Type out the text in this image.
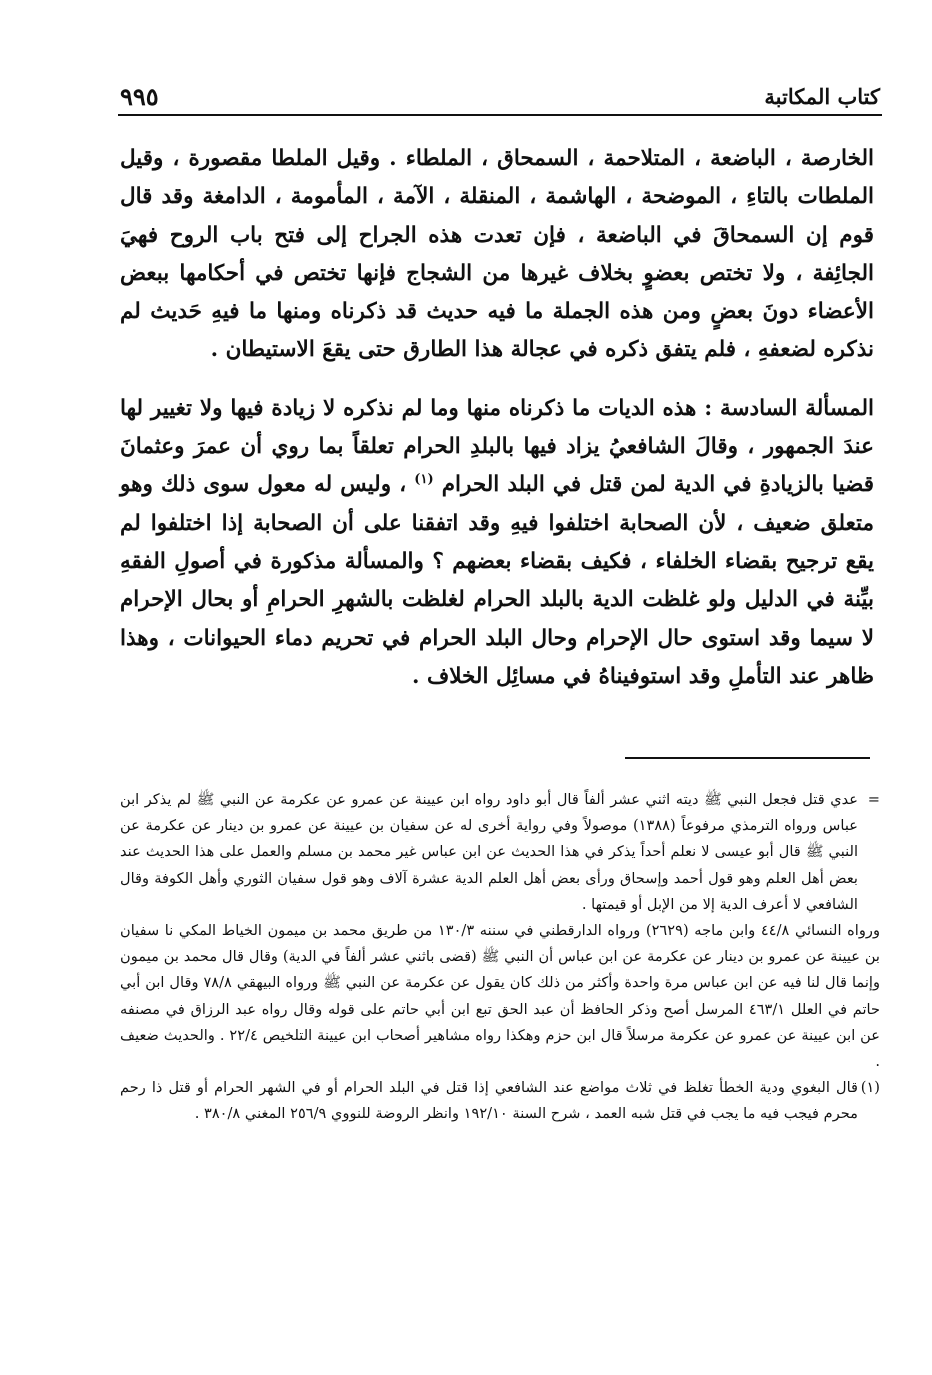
كتاب المكاتبة
٩٩٥

الخارصة ، الباضعة ، المتلاحمة ، السمحاق ، الملطاء . وقيل الملطا مقصورة ، وقيل الملطات بالتاءِ ، الموضحة ، الهاشمة ، المنقلة ، الآمة ، المأمومة ، الدامغة وقد قال قوم إن السمحاقَ في الباضعة ، فإن تعدت هذه الجراح إلى فتح باب الروح فهيَ الجائِفة ، ولا تختص بعضوٍ بخلاف غيرها من الشجاج فإنها تختص في أحكامها ببعض الأعضاء دونَ بعضٍ ومن هذه الجملة ما فيه حديث قد ذكرناه ومنها ما فيهِ حَديث لم نذكره لضعفهِ ، فلم يتفق ذكره في عجالة هذا الطارق حتى يقعَ الاستيطان .

المسألة السادسة : هذه الديات ما ذكرناه منها وما لم نذكره لا زيادة فيها ولا تغيير لها عندَ الجمهور ، وقالَ الشافعيُ يزاد فيها بالبلدِ الحرام تعلقاً بما روي أن عمرَ وعثمانَ قضيا بالزيادةِ في الدية لمن قتل في البلد الحرام $^{(١)}$ ، وليس له معول سوى ذلك وهو متعلق ضعيف ، لأن الصحابة اختلفوا فيهِ وقد اتفقنا على أن الصحابة إذا اختلفوا لم يقع ترجيح بقضاء الخلفاء ، فكيف بقضاء بعضهم ؟ والمسألة مذكورة في أصولِ الفقهِ بيِّنة في الدليل ولو غلظت الدية بالبلد الحرام لغلظت بالشهرِ الحرامِ أو بحال الإحرام لا سيما وقد استوى حال الإحرام وحال البلد الحرام في تحريم دماء الحيوانات ، وهذا ظاهر عند التأملِ وقد استوفيناهُ في مسائِل الخلاف .

=
عدي قتل فجعل النبي ﷺ ديته اثني عشر ألفاً قال أبو داود رواه ابن عيينة عن عمرو عن عكرمة عن النبي ﷺ لم يذكر ابن عباس ورواه الترمذي مرفوعاً (١٣٨٨) موصولاً وفي رواية أخرى له عن سفيان بن عيينة عن عمرو بن دينار عن عكرمة عن النبي ﷺ قال أبو عيسى لا نعلم أحداً يذكر في هذا الحديث عن ابن عباس غير محمد بن مسلم والعمل على هذا الحديث عند بعض أهل العلم وهو قول أحمد وإسحاق ورأى بعض أهل العلم الدية عشرة آلاف وهو قول سفيان الثوري وأهل الكوفة وقال الشافعي لا أعرف الدية إلا من الإبل أو قيمتها .

ورواه النسائي ٤٤/٨ وابن ماجه (٢٦٢٩) ورواه الدارقطني في سننه ١٣٠/٣ من طريق محمد بن ميمون الخياط المكي نا سفيان بن عيينة عن عمرو بن دينار عن عكرمة عن ابن عباس أن النبي ﷺ (قضى باثني عشر ألفاً في الدية) وقال قال محمد بن ميمون وإنما قال لنا فيه عن ابن عباس مرة واحدة وأكثر من ذلك كان يقول عن عكرمة عن النبي ﷺ ورواه البيهقي ٧٨/٨ وقال ابن أبي حاتم في العلل ٤٦٣/١ المرسل أصح وذكر الحافظ أن عبد الحق تبع ابن أبي حاتم على قوله وقال رواه عبد الرزاق في مصنفه عن ابن عيينة عن عمرو عن عكرمة مرسلاً قال ابن حزم وهكذا رواه مشاهير أصحاب ابن عيينة التلخيص ٢٢/٤ . والحديث ضعيف .

(١)
قال البغوي ودية الخطأ تغلظ في ثلاث مواضع عند الشافعي إذا قتل في البلد الحرام أو في الشهر الحرام أو قتل ذا رحم محرم فيجب فيه ما يجب في قتل شبه العمد ، شرح السنة ١٩٢/١٠ وانظر الروضة للنووي ٢٥٦/٩ المغني ٣٨٠/٨ .
